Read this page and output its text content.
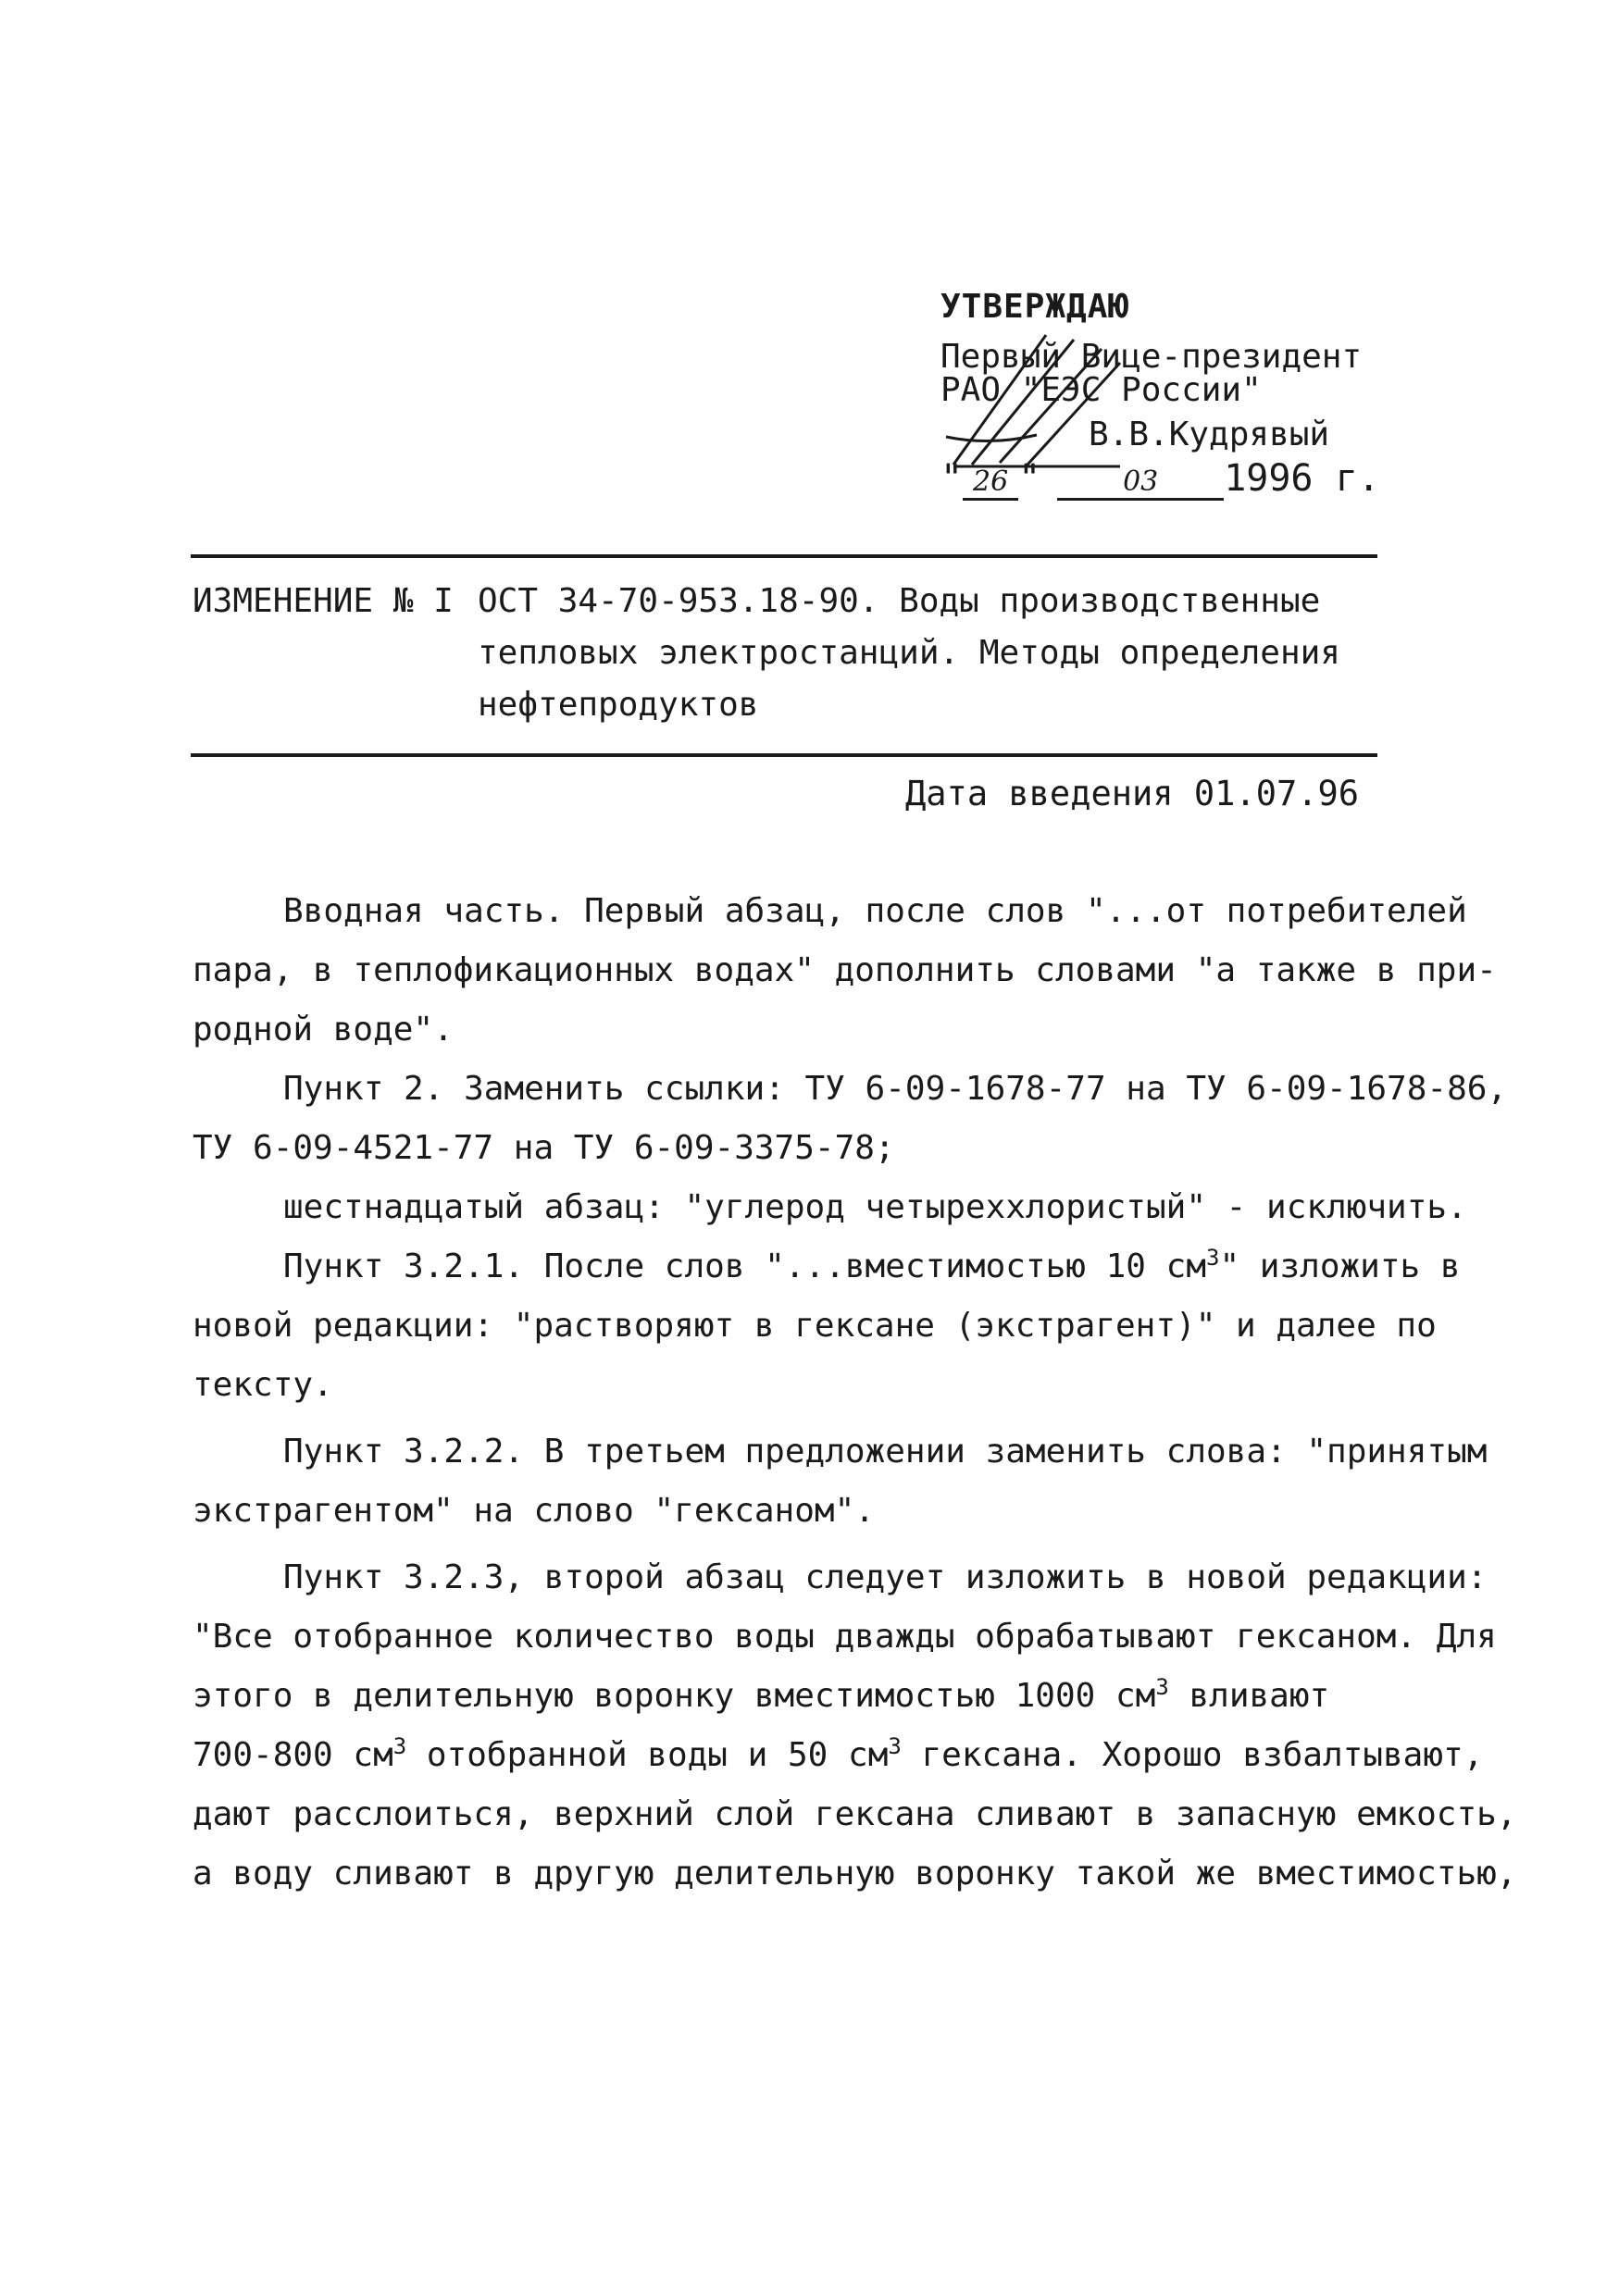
УТВЕРЖДАЮ
Первый Вице-президент
РАО "ЕЭС России"
В.В.Кудрявый
" 26 "	03 1996 г.
ИЗМЕНЕНИЕ № I ОСТ 34-70-953.18-90. Воды производственные тепловых электростанций. Методы определения нефтепродуктов
Дата введения 01.07.96
Вводная часть. Первый абзац, после слов "...от потребителей
пара, в теплофикационных водах" дополнить словами "а также в при-
родной воде".
Пункт 2. Заменить ссылки: ТУ 6-09-1678-77 на ТУ 6-09-1678-86,
ТУ 6-09-4521-77 на ТУ 6-09-3375-78;
шестнадцатый абзац: "углерод четыреххлористый" - исключить.
Пункт 3.2.1. После слов "...вместимостью 10 $см^3$" изложить в
новой редакции: "растворяют в гексане (экстрагент)" и далее по
тексту.
Пункт 3.2.2. В третьем предложении заменить слова: "принятым
экстрагентом" на слово "гексаном".
Пункт 3.2.3, второй абзац следует изложить в новой редакции:
"Все отобранное количество воды дважды обрабатывают гексаном. Для
этого в делительную воронку вместимостью 1000 $см^3$ вливают
700-800 $см^3$ отобранной воды и 50 $см^3$ гексана. Хорошо взбалтывают,
дают расслоиться, верхний слой гексана сливают в запасную емкость,
а воду сливают в другую делительную воронку такой же вместимостью,
